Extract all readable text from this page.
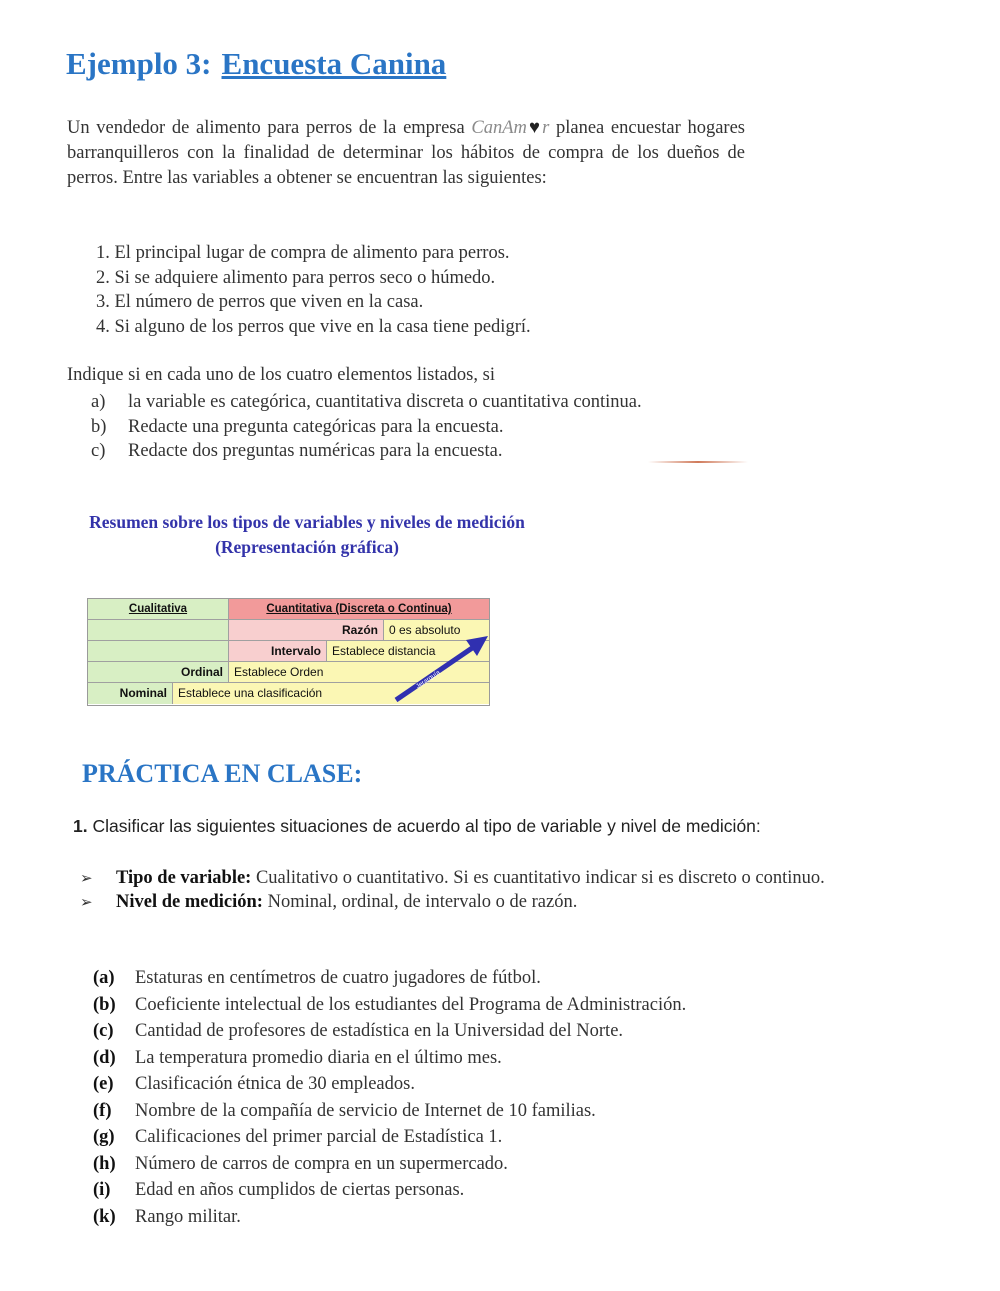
Ejemplo 3: Encuesta Canina
Un vendedor de alimento para perros de la empresa CanAm♥r planea encuestar hogares barranquilleros con la finalidad de determinar los hábitos de compra de los dueños de perros. Entre las variables a obtener se encuentran las siguientes:
1. El principal lugar de compra de alimento para perros.
2. Si se adquiere alimento para perros seco o húmedo.
3. El número de perros que viven en la casa.
4. Si alguno de los perros que vive en la casa tiene pedigrí.
Indique si en cada uno de los cuatro elementos listados, si
a) la variable es categórica, cuantitativa discreta o cuantitativa continua.
b) Redacte una pregunta categóricas para la encuesta.
c) Redacte dos preguntas numéricas para la encuesta.
Resumen sobre los tipos de variables y niveles de medición
(Representación gráfica)
Cualitativa	Cuantitativa (Discreta o Continua)
Razón 0 es absoluto
Intervalo Establece distancia
Ordinal Establece Orden
Nominal Establece una clasificación
Jerarquía
PRÁCTICA EN CLASE:
1. Clasificar las siguientes situaciones de acuerdo al tipo de variable y nivel de medición:
➢ Tipo de variable: Cualitativo o cuantitativo. Si es cuantitativo indicar si es discreto o continuo.
➢ Nivel de medición: Nominal, ordinal, de intervalo o de razón.
(a) Estaturas en centímetros de cuatro jugadores de fútbol.
(b) Coeficiente intelectual de los estudiantes del Programa de Administración.
(c) Cantidad de profesores de estadística en la Universidad del Norte.
(d) La temperatura promedio diaria en el último mes.
(e) Clasificación étnica de 30 empleados.
(f) Nombre de la compañía de servicio de Internet de 10 familias.
(g) Calificaciones del primer parcial de Estadística 1.
(h) Número de carros de compra en un supermercado.
(i) Edad en años cumplidos de ciertas personas.
(k) Rango militar.
